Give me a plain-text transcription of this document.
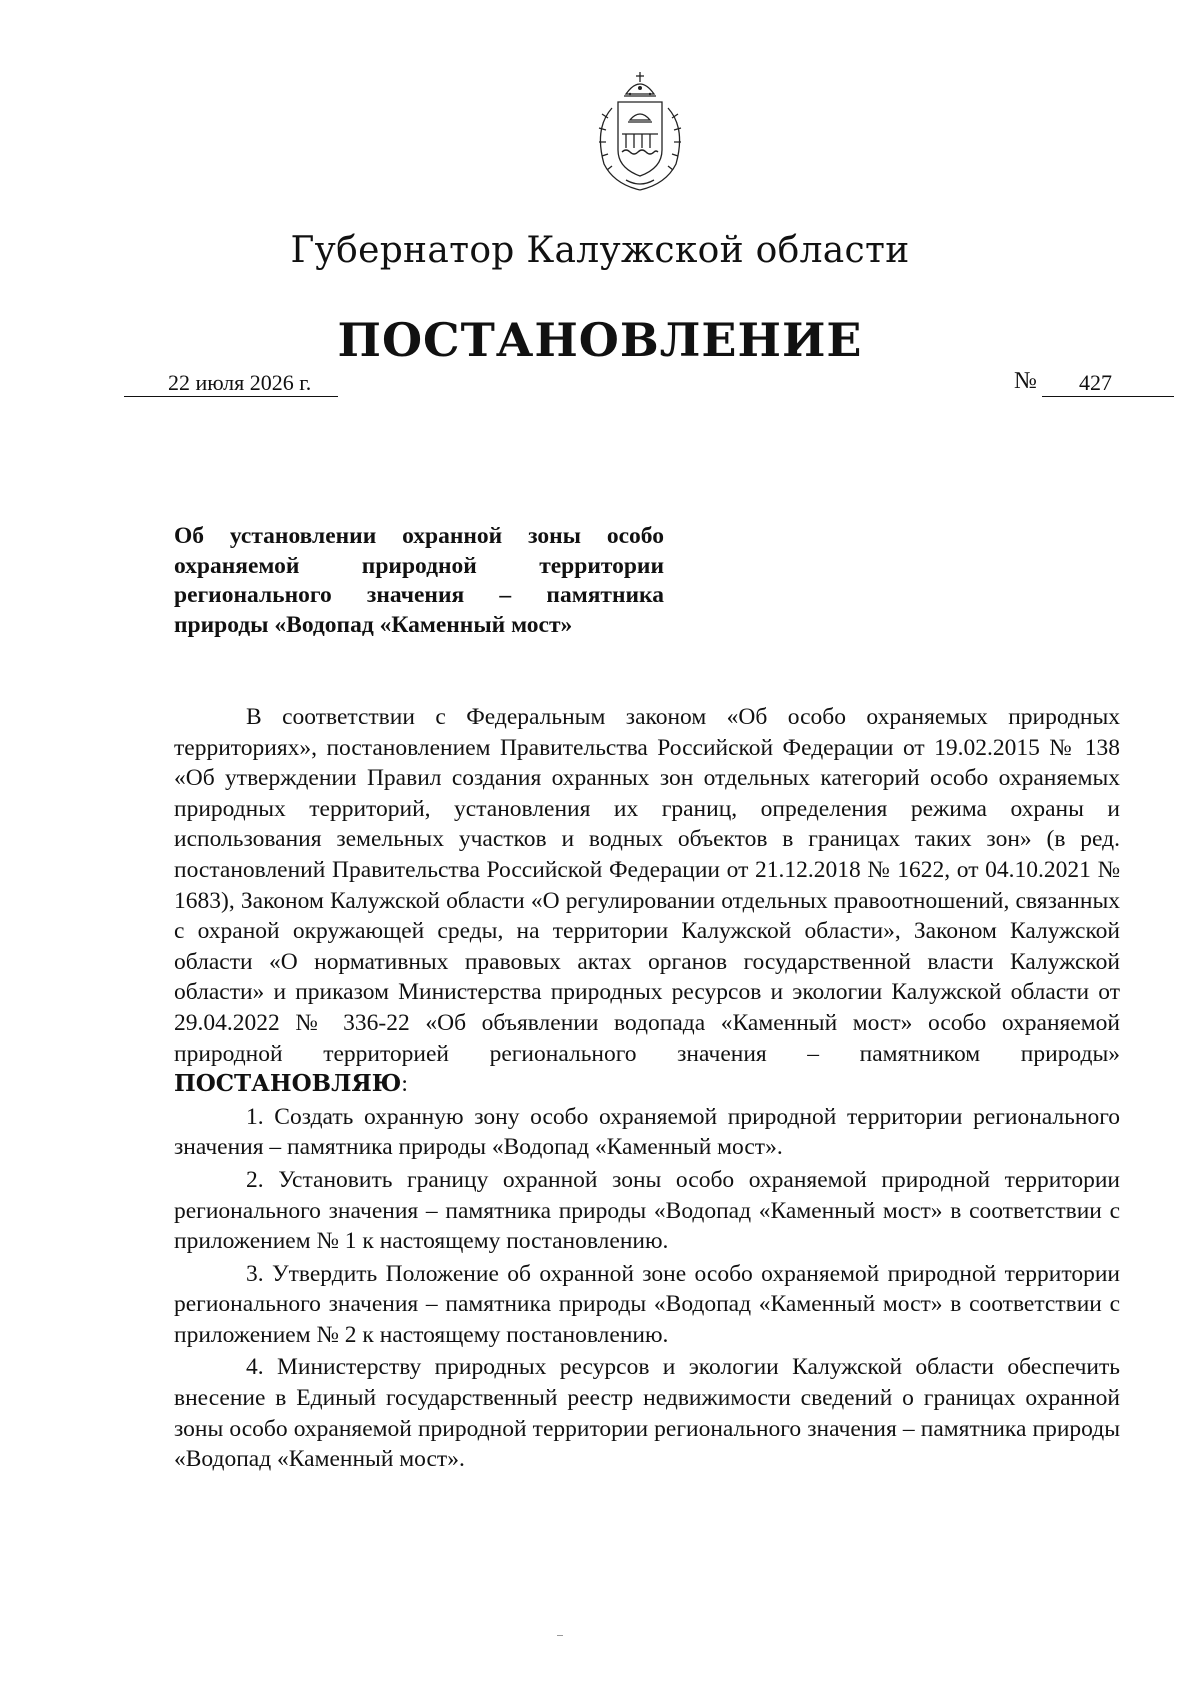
Губернатор Калужской области
ПОСТАНОВЛЕНИЕ
22 июля 2026 г.	№ 427
Об установлении охранной зоны особо
охраняемой природной территории
регионального значения – памятника
природы «Водопад «Каменный мост»

В соответствии с Федеральным законом «Об особо охраняемых природных территориях», постановлением Правительства Российской Федерации от 19.02.2015 № 138 «Об утверждении Правил создания охранных зон отдельных категорий особо охраняемых природных территорий, установления их границ, определения режима охраны и использования земельных участков и водных объектов в границах таких зон» (в ред. постановлений Правительства Российской Федерации от 21.12.2018 № 1622, от 04.10.2021 № 1683), Законом Калужской области «О регулировании отдельных правоотношений, связанных с охраной окружающей среды, на территории Калужской области», Законом Калужской области «О нормативных правовых актах органов государственной власти Калужской области» и приказом Министерства природных ресурсов и экологии Калужской области от 29.04.2022 № 336-22 «Об объявлении водопада «Каменный мост» особо охраняемой природной территорией регионального значения – памятником природы» ПОСТАНОВЛЯЮ:

1. Создать охранную зону особо охраняемой природной территории регионального значения – памятника природы «Водопад «Каменный мост».

2. Установить границу охранной зоны особо охраняемой природной территории регионального значения – памятника природы «Водопад «Каменный мост» в соответствии с приложением № 1 к настоящему постановлению.

3. Утвердить Положение об охранной зоне особо охраняемой природной территории регионального значения – памятника природы «Водопад «Каменный мост» в соответствии с приложением № 2 к настоящему постановлению.

4. Министерству природных ресурсов и экологии Калужской области обеспечить внесение в Единый государственный реестр недвижимости сведений о границах охранной зоны особо охраняемой природной территории регионального значения – памятника природы «Водопад «Каменный мост».
